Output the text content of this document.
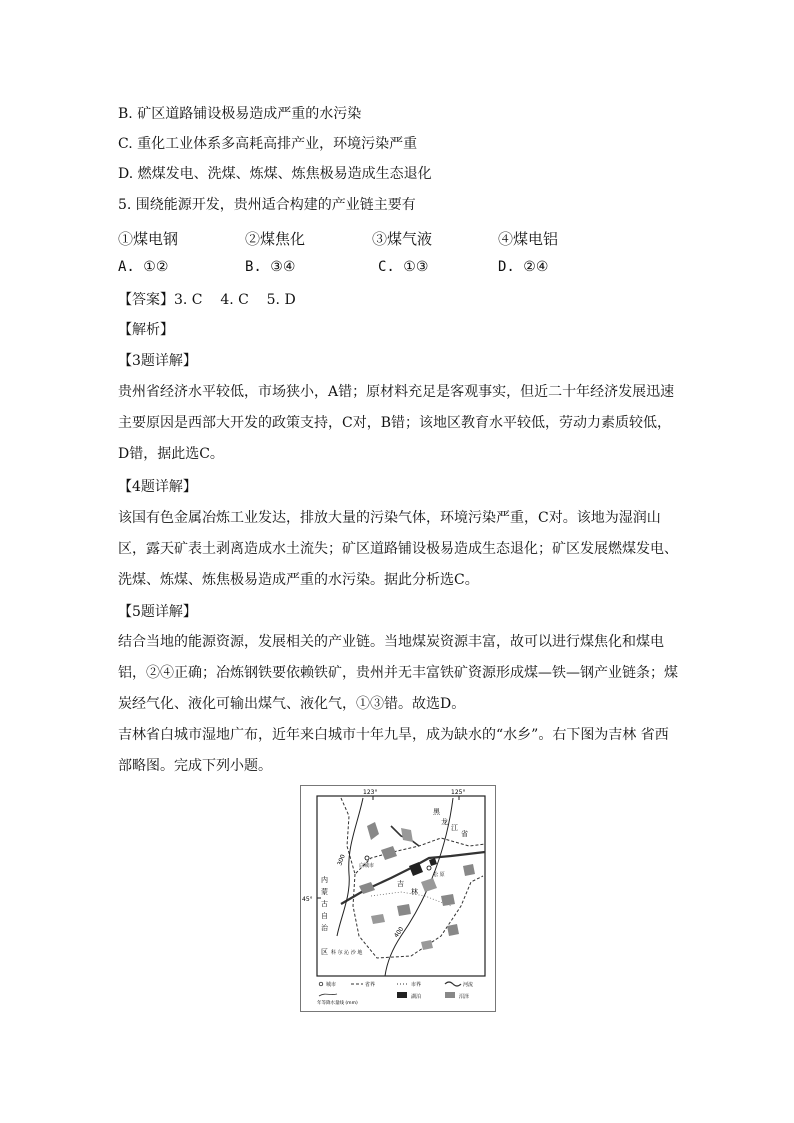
B. 矿区道路铺设极易造成严重的水污染
C. 重化工业体系多高耗高排产业，环境污染严重
D. 燃煤发电、洗煤、炼煤、炼焦极易造成生态退化
5. 围绕能源开发，贵州适合构建的产业链主要有
①煤电钢	②煤焦化	③煤气液	④煤电铝
A. ①②	B. ③④	C. ①③	D. ②④
【答案】3. C    4. C    5. D
【解析】
【3题详解】
贵州省经济水平较低，市场狭小，A错；原材料充足是客观事实，但近二十年经济发展迅速主要原因是西部大开发的政策支持，C对，B错；该地区教育水平较低，劳动力素质较低，D错，据此选C。
【4题详解】
该国有色金属冶炼工业发达，排放大量的污染气体，环境污染严重，C对。该地为湿润山区，露天矿表土剥离造成水土流失；矿区道路铺设极易造成生态退化；矿区发展燃煤发电、洗煤、炼煤、炼焦极易造成严重的水污染。据此分析选C。
【5题详解】
结合当地的能源资源，发展相关的产业链。当地煤炭资源丰富，故可以进行煤焦化和煤电铝，②④正确；冶炼钢铁要依赖铁矿，贵州并无丰富铁矿资源形成煤—铁—钢产业链条；煤炭经气化、液化可输出煤气、液化气，①③错。故选D。
吉林省白城市湿地广布，近年来白城市十年九旱，成为缺水的“水乡”。右下图为吉林 省西部略图。完成下列小题。
123°	125°
45°
300
400
白城市
松 原
黑
龙
江
省
内
蒙
古
自
治
区
吉
林
科 尔 沁 沙 地
城市	省界	市界	河流
年等降水量线 (mm)
湖泊	沼泽
